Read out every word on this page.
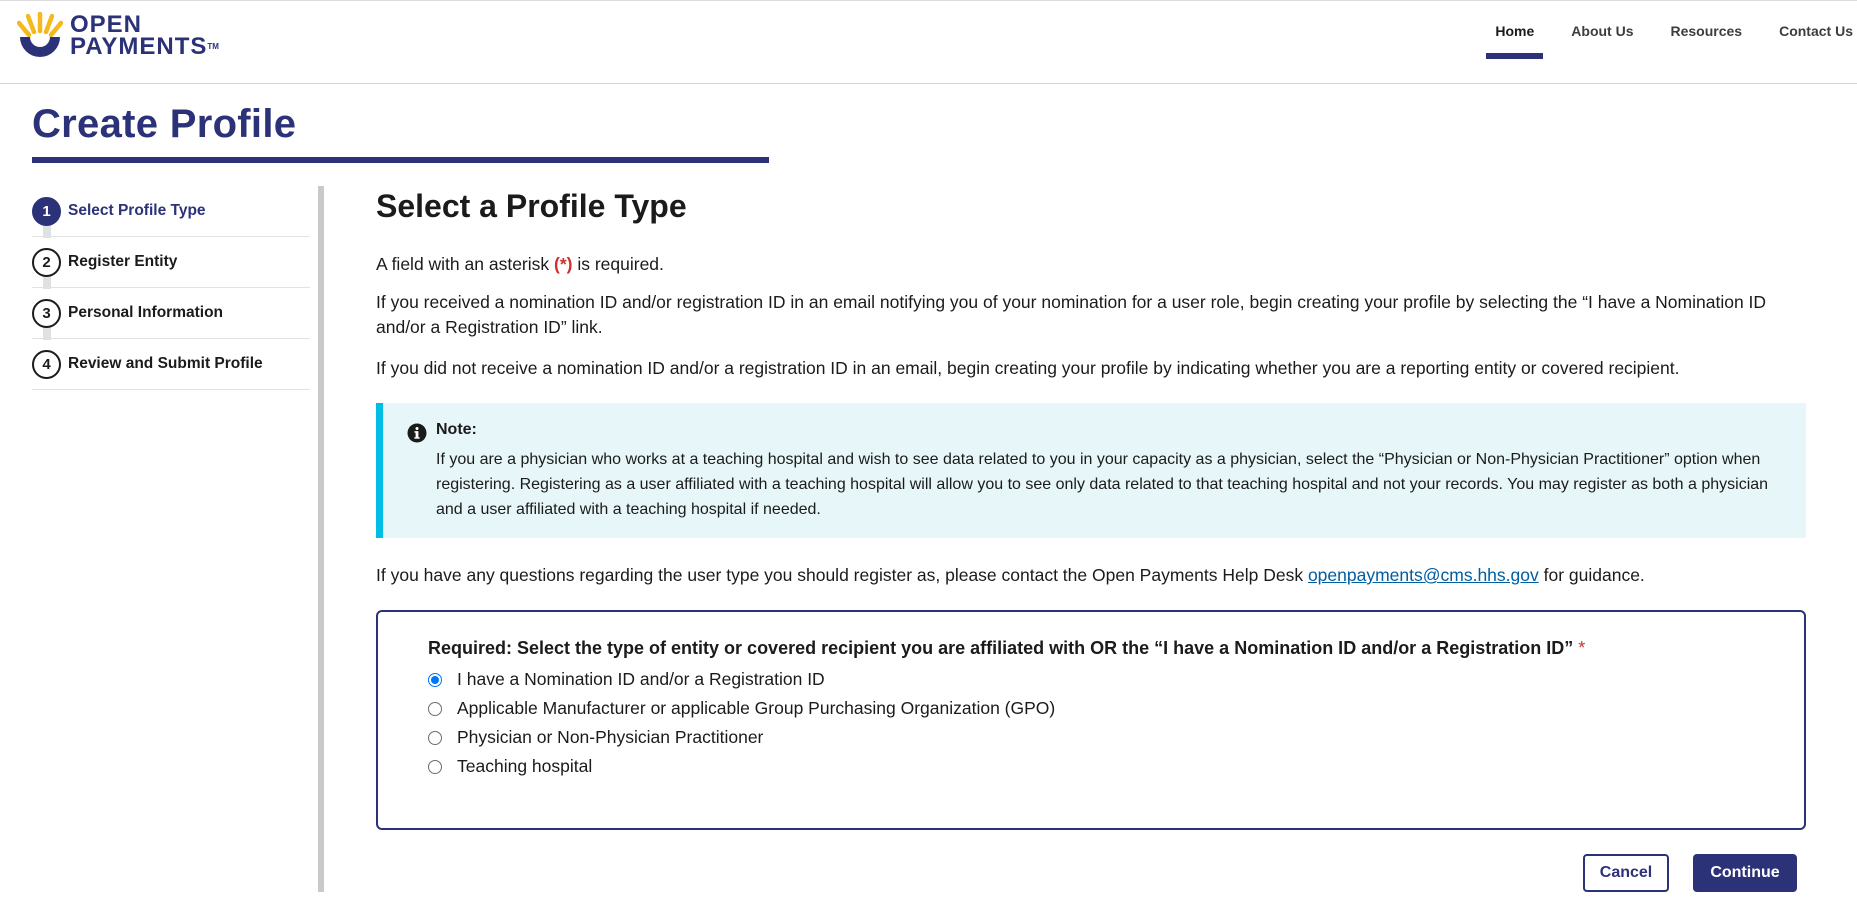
OPEN
PAYMENTS™
Home	About Us	Resources	Contact Us
Create Profile
1	Select Profile Type
2	Register Entity
3	Personal Information
4	Review and Submit Profile
Select a Profile Type

A field with an asterisk (*) is required.

If you received a nomination ID and/or registration ID in an email notifying you of your nomination for a user role, begin creating your profile by selecting the “I have a Nomination ID and/or a Registration ID” link.

If you did not receive a nomination ID and/or a registration ID in an email, begin creating your profile by indicating whether you are a reporting entity or covered recipient.

Note:
If you are a physician who works at a teaching hospital and wish to see data related to you in your capacity as a physician, select the “Physician or Non-Physician Practitioner” option when registering. Registering as a user affiliated with a teaching hospital will allow you to see only data related to that teaching hospital and not your records. You may register as both a physician and a user affiliated with a teaching hospital if needed.

If you have any questions regarding the user type you should register as, please contact the Open Payments Help Desk openpayments@cms.hhs.gov for guidance.

Required: Select the type of entity or covered recipient you are affiliated with OR the “I have a Nomination ID and/or a Registration ID” *
I have a Nomination ID and/or a Registration ID
Applicable Manufacturer or applicable Group Purchasing Organization (GPO)
Physician or Non-Physician Practitioner
Teaching hospital
Cancel	Continue
